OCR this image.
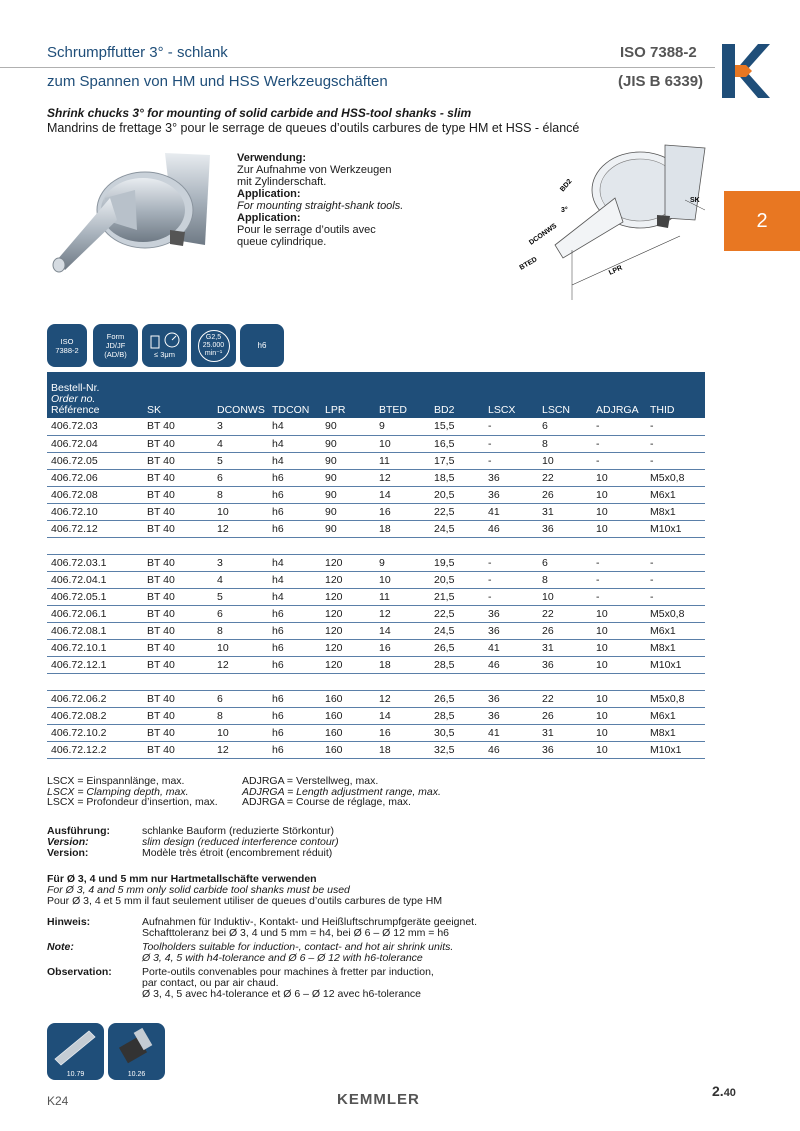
Schrumpffutter 3° - schlank	ISO 7388-2
zum Spannen von HM und HSS Werkzeugschäften	(JIS B 6339)
Shrink chucks 3° for mounting of solid carbide and HSS-tool shanks - slim
Mandrins de frettage 3° pour le serrage de queues d’outils carbures de type HM et HSS - élancé
Verwendung:
Zur Aufnahme von Werkzeugen
mit Zylinderschaft.
Application:
For mounting straight-shank tools.
Application:
Pour le serrage d’outils avec
queue cylindrique.
SK
BD2
3°
DCONWS
BTED	LPR
2
ISO
7388-2
Form
JD/JF
(AD/B)	≤ 3μm
G2,5
25.000
min⁻¹
h6
Bestell-Nr.
Order no.
Référence	SK	DCONWS	TDCON	LPR	BTED	BD2	LSCX	LSCN	ADJRGA	THID
406.72.03	BT 40	3	h4	90	9	15,5	-	6	-	-
406.72.04	BT 40	4	h4	90	10	16,5	-	8	-	-
406.72.05	BT 40	5	h4	90	11	17,5	-	10	-	-
406.72.06	BT 40	6	h6	90	12	18,5	36	22	10	M5x0,8
406.72.08	BT 40	8	h6	90	14	20,5	36	26	10	M6x1
406.72.10	BT 40	10	h6	90	16	22,5	41	31	10	M8x1
406.72.12	BT 40	12	h6	90	18	24,5	46	36	10	M10x1

406.72.03.1	BT 40	3	h4	120	9	19,5	-	6	-	-
406.72.04.1	BT 40	4	h4	120	10	20,5	-	8	-	-
406.72.05.1	BT 40	5	h4	120	11	21,5	-	10	-	-
406.72.06.1	BT 40	6	h6	120	12	22,5	36	22	10	M5x0,8
406.72.08.1	BT 40	8	h6	120	14	24,5	36	26	10	M6x1
406.72.10.1	BT 40	10	h6	120	16	26,5	41	31	10	M8x1
406.72.12.1	BT 40	12	h6	120	18	28,5	46	36	10	M10x1

406.72.06.2	BT 40	6	h6	160	12	26,5	36	22	10	M5x0,8
406.72.08.2	BT 40	8	h6	160	14	28,5	36	26	10	M6x1
406.72.10.2	BT 40	10	h6	160	16	30,5	41	31	10	M8x1
406.72.12.2	BT 40	12	h6	160	18	32,5	46	36	10	M10x1
LSCX = Einspannlänge, max.
LSCX = Clamping depth, max.
LSCX = Profondeur d’insertion, max.
ADJRGA = Verstellweg, max.
ADJRGA = Length adjustment range, max.
ADJRGA = Course de réglage, max.
Ausführung:	schlanke Bauform (reduzierte Störkontur)
Version:	slim design (reduced interference contour)
Version:	Modèle très étroit (encombrement réduit)
Für Ø 3, 4 und 5 mm nur Hartmetallschäfte verwenden
For Ø 3, 4 and 5 mm only solid carbide tool shanks must be used
Pour Ø 3, 4 et 5 mm il faut seulement utiliser de queues d’outils carbures de type HM
Hinweis:	Aufnahmen für Induktiv-, Kontakt- und Heißluftschrumpfgeräte geeignet.
Schafttoleranz bei Ø 3, 4 und 5 mm = h4, bei Ø 6 – Ø 12 mm = h6
Note:	Toolholders suitable for induction-, contact- and hot air shrink units.
Ø 3, 4, 5 with h4-tolerance and Ø 6 – Ø 12 with h6-tolerance
Observation:	Porte-outils convenables pour machines à fretter par induction,
par contact, ou par air chaud.
Ø 3, 4, 5 avec h4-tolerance et Ø 6 – Ø 12 avec h6-tolerance
10.79	10.26
K24	KEMMLER	2.40
